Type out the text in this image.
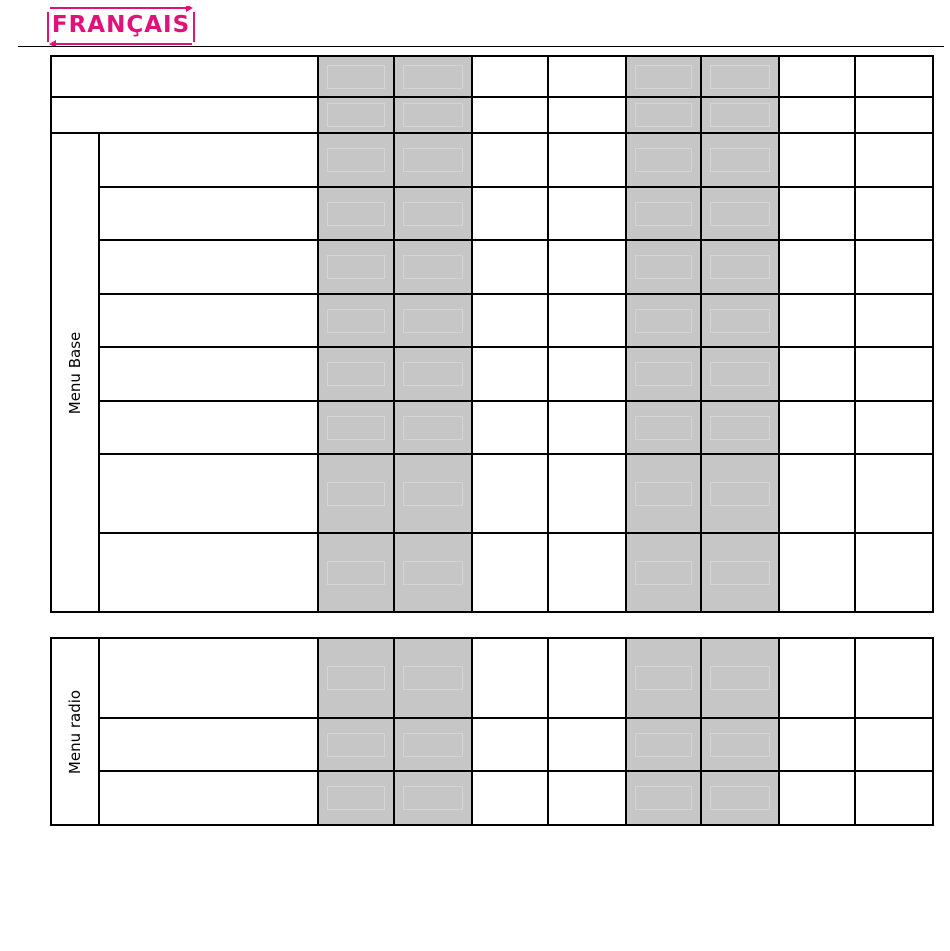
FRANÇAIS

Menu Base									

Menu radio									
